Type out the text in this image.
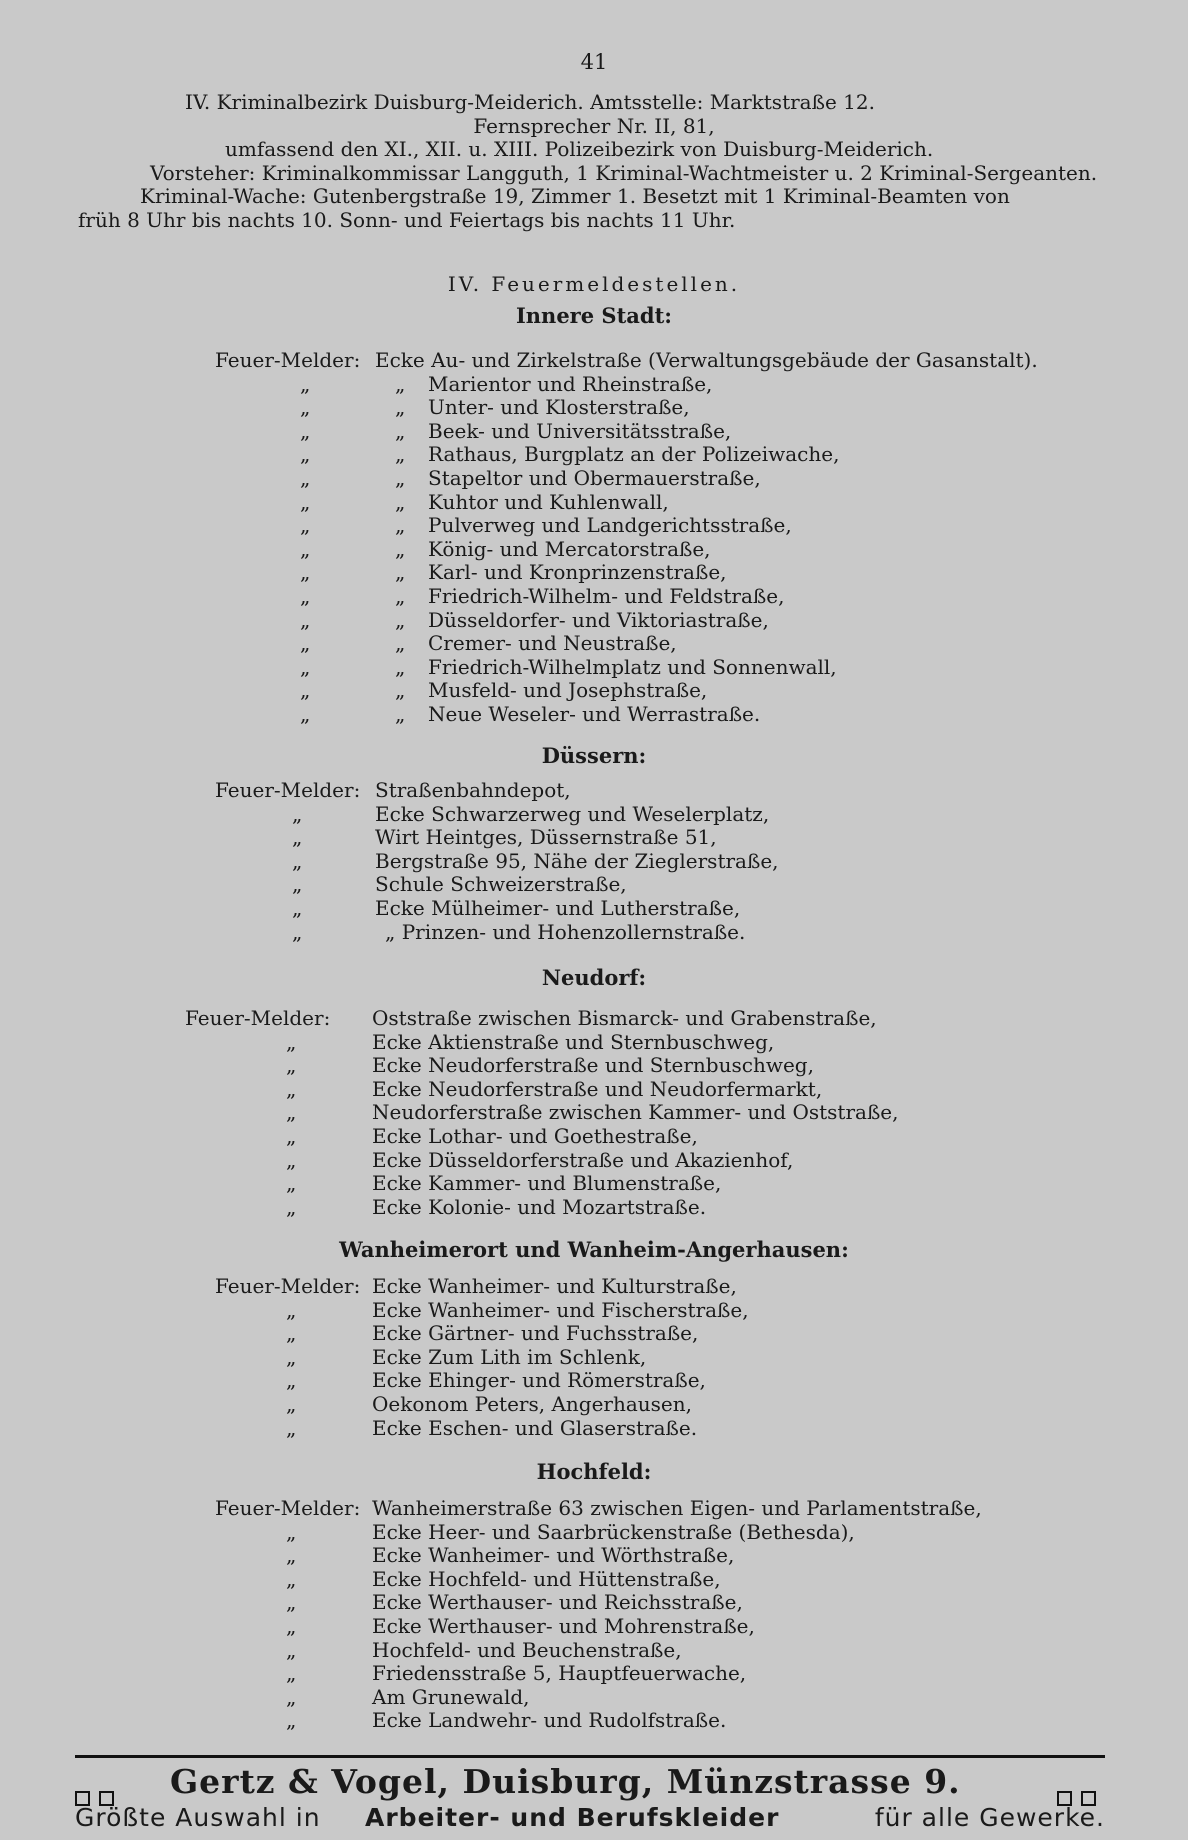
41
IV. Kriminalbezirk Duisburg-Meiderich. Amtsstelle: Marktstraße 12.
Fernsprecher Nr. II, 81,
umfassend den XI., XII. u. XIII. Polizeibezirk von Duisburg-Meiderich.
Vorsteher: Kriminalkommissar Langguth, 1 Kriminal-Wachtmeister u. 2 Kriminal-Sergeanten.
Kriminal-Wache: Gutenbergstraße 19, Zimmer 1. Besetzt mit 1 Kriminal-Beamten von
früh 8 Uhr bis nachts 10. Sonn- und Feiertags bis nachts 11 Uhr.
IV. Feuermeldestellen.
Innere Stadt:
Feuer-Melder: Ecke Au- und Zirkelstraße (Verwaltungsgebäude der Gasanstalt).
„	„ Marientor und Rheinstraße,
„	„ Unter- und Klosterstraße,
„	„ Beek- und Universitätsstraße,
„	„ Rathaus, Burgplatz an der Polizeiwache,
„	„ Stapeltor und Obermauerstraße,
„	„ Kuhtor und Kuhlenwall,
„	„ Pulverweg und Landgerichtsstraße,
„	„ König- und Mercatorstraße,
„	„ Karl- und Kronprinzenstraße,
„	„ Friedrich-Wilhelm- und Feldstraße,
„	„ Düsseldorfer- und Viktoriastraße,
„	„ Cremer- und Neustraße,
„	„ Friedrich-Wilhelmplatz und Sonnenwall,
„	„ Musfeld- und Josephstraße,
„	„ Neue Weseler- und Werrastraße.
Düssern:
Feuer-Melder: Straßenbahndepot,
„	Ecke Schwarzerweg und Weselerplatz,
„	Wirt Heintges, Düssernstraße 51,
„	Bergstraße 95, Nähe der Zieglerstraße,
„	Schule Schweizerstraße,
„	Ecke Mülheimer- und Lutherstraße,
„	„ Prinzen- und Hohenzollernstraße.
Neudorf:
Feuer-Melder: Oststraße zwischen Bismarck- und Grabenstraße,
„	Ecke Aktienstraße und Sternbuschweg,
„	Ecke Neudorferstraße und Sternbuschweg,
„	Ecke Neudorferstraße und Neudorfermarkt,
„	Neudorferstraße zwischen Kammer- und Oststraße,
„	Ecke Lothar- und Goethestraße,
„	Ecke Düsseldorferstraße und Akazienhof,
„	Ecke Kammer- und Blumenstraße,
„	Ecke Kolonie- und Mozartstraße.
Wanheimerort und Wanheim-Angerhausen:
Feuer-Melder: Ecke Wanheimer- und Kulturstraße,
„	Ecke Wanheimer- und Fischerstraße,
„	Ecke Gärtner- und Fuchsstraße,
„	Ecke Zum Lith im Schlenk,
„	Ecke Ehinger- und Römerstraße,
„	Oekonom Peters, Angerhausen,
„	Ecke Eschen- und Glaserstraße.
Hochfeld:
Feuer-Melder: Wanheimerstraße 63 zwischen Eigen- und Parlamentstraße,
„	Ecke Heer- und Saarbrückenstraße (Bethesda),
„	Ecke Wanheimer- und Wörthstraße,
„	Ecke Hochfeld- und Hüttenstraße,
„	Ecke Werthauser- und Reichsstraße,
„	Ecke Werthauser- und Mohrenstraße,
„	Hochfeld- und Beuchenstraße,
„	Friedensstraße 5, Hauptfeuerwache,
„	Am Grunewald,
„	Ecke Landwehr- und Rudolfstraße.
Gertz & Vogel, Duisburg, Münzstrasse 9.
Größte Auswahl in Arbeiter- und Berufskleider	für alle Gewerke.
